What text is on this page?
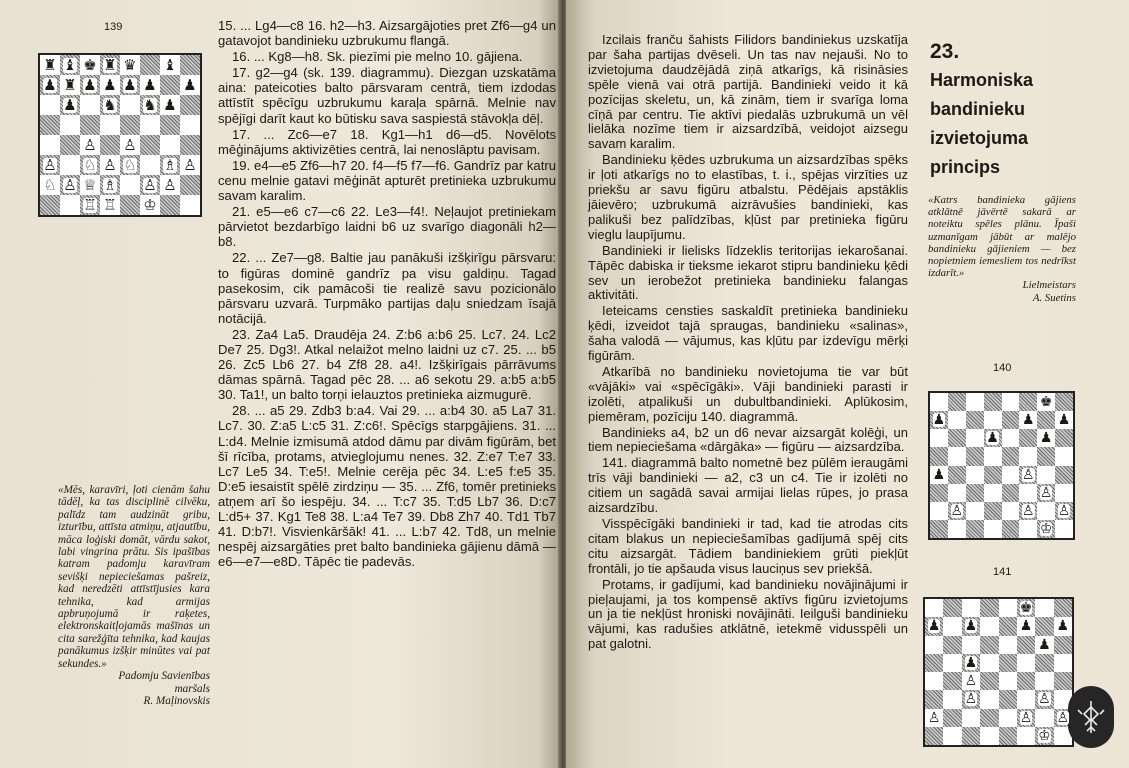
139
♜ ♝ ♚ ♜ ♛ ♝
♟ ♜ ♟ ♟ ♟ ♟ ♟
♟ ♞ ♞ ♟
♙ ♙
♙ ♘ ♙ ♘ ♗ ♙
♘ ♙ ♕ ♗ ♙ ♙
♖ ♖ ♔

15. ... Lg4—c8 16. h2—h3. Aizsargājoties pret Zf6—g4 un gatavojot bandinieku uzbrukumu flangā.

16. ... Kg8—h8. Sk. piezīmi pie melno 10. gājiena.

17. g2—g4 (sk. 139. diagrammu). Diezgan uzskatāma aina: pateicoties balto pārsvaram centrā, tiem izdodas attīstīt spēcīgu uzbrukumu karaļa spārnā. Melnie nav spējīgi darīt kaut ko būtisku sava saspiestā stāvokļa dēļ.

17. ... Zc6—e7 18. Kg1—h1 d6—d5. Novēlots mēģinājums aktivizēties centrā, lai nenoslāptu pavisam.

19. e4—e5 Zf6—h7 20. f4—f5 f7—f6. Gandrīz par katru cenu melnie gatavi mēģināt apturēt pretinieka uzbrukumu savam karalim.

21. e5—e6 c7—c6 22. Le3—f4!. Neļaujot pretiniekam pārvietot bezdarbīgo laidni b6 uz svarīgo diagonāli h2—b8.

22. ... Ze7—g8. Baltie jau panākuši izšķirīgu pārsvaru: to figūras dominē gandrīz pa visu galdiņu. Tagad pasekosim, cik pamācoši tie realizē savu pozicionālo pārsvaru uzvarā. Turpmāko partijas daļu sniedzam īsajā notācijā.

23. Za4 La5. Draudēja 24. Z:b6 a:b6 25. Lc7. 24. Lc2 De7 25. Dg3!. Atkal nelaižot melno laidni uz c7. 25. ... b5 26. Zc5 Lb6 27. b4 Zf8 28. a4!. Izšķirīgais pārrāvums dāmas spārnā. Tagad pēc 28. ... a6 sekotu 29. a:b5 a:b5 30. Ta1!, un balto torņi ielauztos pretinieka aizmugurē.

28. ... a5 29. Zdb3 b:a4. Vai 29. ... a:b4 30. a5 La7 31. Lc7. 30. Z:a5 L:c5 31. Z:c6!. Spēcīgs starpgājiens. 31. ... L:d4. Melnie izmisumā atdod dāmu par divām figūrām, bet šī rīcība, protams, atvieglojumu nenes. 32. Z:e7 T:e7 33. Lc7 Le5 34. T:e5!. Melnie cerēja pēc 34. L:e5 f:e5 35. D:e5 iesaistīt spēlē zirdziņu — 35. ... Zf6, tomēr pretinieks atņem arī šo iespēju. 34. ... T:c7 35. T:d5 Lb7 36. D:c7 L:d5+ 37. Kg1 Te8 38. L:a4 Te7 39. Db8 Zh7 40. Td1 Tb7 41. D:b7!. Visvienkāršāk! 41. ... L:b7 42. Td8, un melnie nespēj aizsargāties pret balto bandinieka gājienu dāmā — e6—e7—e8D. Tāpēc tie padevās.

«Mēs, karavīri, ļoti cienām šahu tādēļ, ka tas disciplinē cilvēku, palīdz tam audzināt gribu, izturību, attīsta atmiņu, atjautību, māca loģiski domāt, vārdu sakot, labi vingrina prātu. Sis ipašības katram padomju karavīram sevišķi nepieciešamas pašreiz, kad neredzēti attīstījusies kara tehnika, kad armijas apbruņojumā ir raķetes, elektronskaitļojamās mašīnas un cita sarežģīta tehnika, kad kaujas panākumus izšķir minūtes vai pat sekundes.»

Padomju Savienības

maršals

R. Maļinovskis

Izcilais franču šahists Filidors bandiniekus uzskatīja par šaha partijas dvēseli. Un tas nav nejauši. No to izvietojuma daudzējādā ziņā atkarīgs, kā risināsies spēle vienā vai otrā partijā. Bandinieki veido it kā pozīcijas skeletu, un, kā zinām, tiem ir svarīga loma cīņā par centru. Tie aktīvi piedalās uzbrukumā un vēl lielāka nozīme tiem ir aizsardzībā, veidojot aizsegu savam karalim.

Bandinieku ķēdes uzbrukuma un aizsardzības spēks ir ļoti atkarīgs no to elastības, t. i., spējas virzīties uz priekšu ar savu figūru atbalstu. Pēdējais apstāklis jāievēro; uzbrukumā aizrāvušies bandinieki, kas palikuši bez palīdzības, kļūst par pretinieka figūru vieglu laupījumu.

Bandinieki ir lielisks līdzeklis teritorijas iekarošanai. Tāpēc dabiska ir tieksme iekarot stipru bandinieku ķēdi sev un ierobežot pretinieka bandinieku falangas aktivitāti.

Ieteicams censties saskaldīt pretinieka bandinieku ķēdi, izveidot tajā spraugas, bandinieku «salinas», šaha valodā — vājumus, kas kļūtu par izdevīgu mērķi figūrām.

Atkarībā no bandinieku novietojuma tie var būt «vājāki» vai «spēcīgāki». Vāji bandinieki parasti ir izolēti, atpalikuši un dubultbandinieki. Aplūkosim, piemēram, pozīciju 140. diagrammā.

Bandinieks a4, b2 un d6 nevar aizsargāt kolēģi, un tiem nepieciešama «dārgāka» — figūru — aizsardzība.

141. diagrammā balto nometnē bez pūlēm ieraugāmi trīs vāji bandinieki — a2, c3 un c4. Tie ir izolēti no citiem un sagādā savai armijai lielas rūpes, jo prasa aizsardzību.

Visspēcīgāki bandinieki ir tad, kad tie atrodas cits citam blakus un nepieciešamības gadījumā spēj cits citu aizsargāt. Tādiem bandiniekiem grūti piekļūt frontāli, jo tie apšauda visus lauciņus sev priekšā.

Protams, ir gadījumi, kad bandinieku novājinājumi ir pieļaujami, ja tos kompensē aktīvs figūru izvietojums un ja tie nekļūst hroniski novājināti. Ieilguši bandinieku vājumi, kas radušies atklātnē, ietekmē vidusspēli un pat galotni.

23.
Harmoniska
bandinieku
izvietojuma
princips

«Katrs bandinieka gājiens atklātnē jāvērtē sakarā ar noteiktu spēles plānu. Īpaši uzmanīgam jābūt ar malējo bandinieku gājieniem — bez nopietniem iemesliem tos nedrīkst izdarīt.»

Lielmeistars

A. Suetins

140
♚
♟	♟ ♟
♟	♟
♟	♙
♙
♙	♙ ♙
♔
141
♚
♟ ♟	♟ ♟
♟
♟
♙
♙	♙
♙	♙ ♙
♔
